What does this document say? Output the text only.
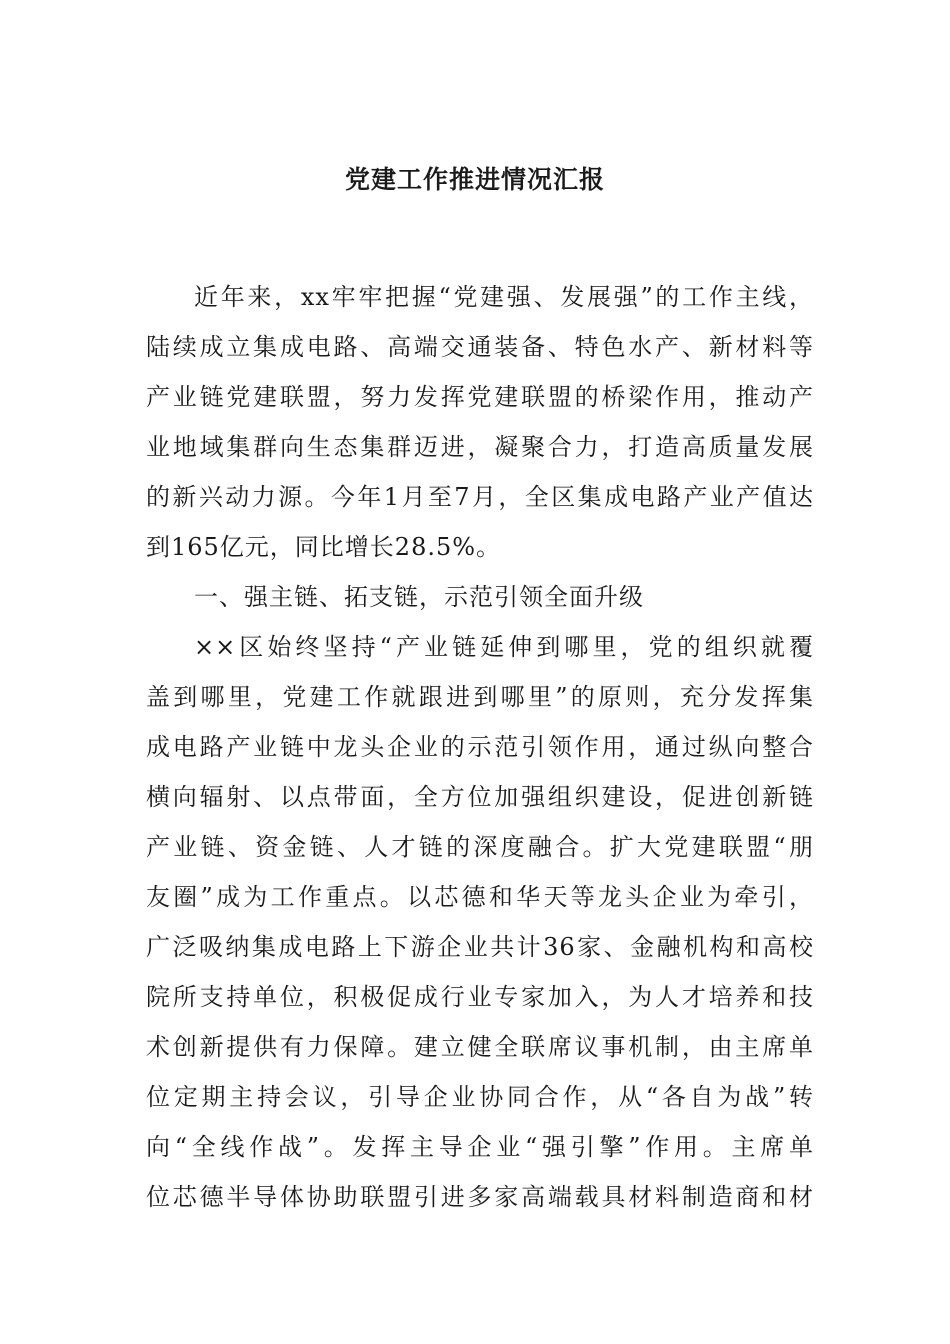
党建工作推进情况汇报
近年来，xx牢牢把握“党建强、发展强”的工作主线，
陆续成立集成电路、高端交通装备、特色水产、新材料等
产业链党建联盟，努力发挥党建联盟的桥梁作用，推动产
业地域集群向生态集群迈进，凝聚合力，打造高质量发展
的新兴动力源。今年1月至7月，全区集成电路产业产值达
到165亿元，同比增长28.5%。
一、强主链、拓支链，示范引领全面升级
××区始终坚持“产业链延伸到哪里，党的组织就覆
盖到哪里，党建工作就跟进到哪里”的原则，充分发挥集
成电路产业链中龙头企业的示范引领作用，通过纵向整合
横向辐射、以点带面，全方位加强组织建设，促进创新链
产业链、资金链、人才链的深度融合。扩大党建联盟“朋
友圈”成为工作重点。以芯德和华天等龙头企业为牵引，
广泛吸纳集成电路上下游企业共计36家、金融机构和高校
院所支持单位，积极促成行业专家加入，为人才培养和技
术创新提供有力保障。建立健全联席议事机制，由主席单
位定期主持会议，引导企业协同合作，从“各自为战”转
向“全线作战”。发挥主导企业“强引擎”作用。主席单
位芯德半导体协助联盟引进多家高端载具材料制造商和材
